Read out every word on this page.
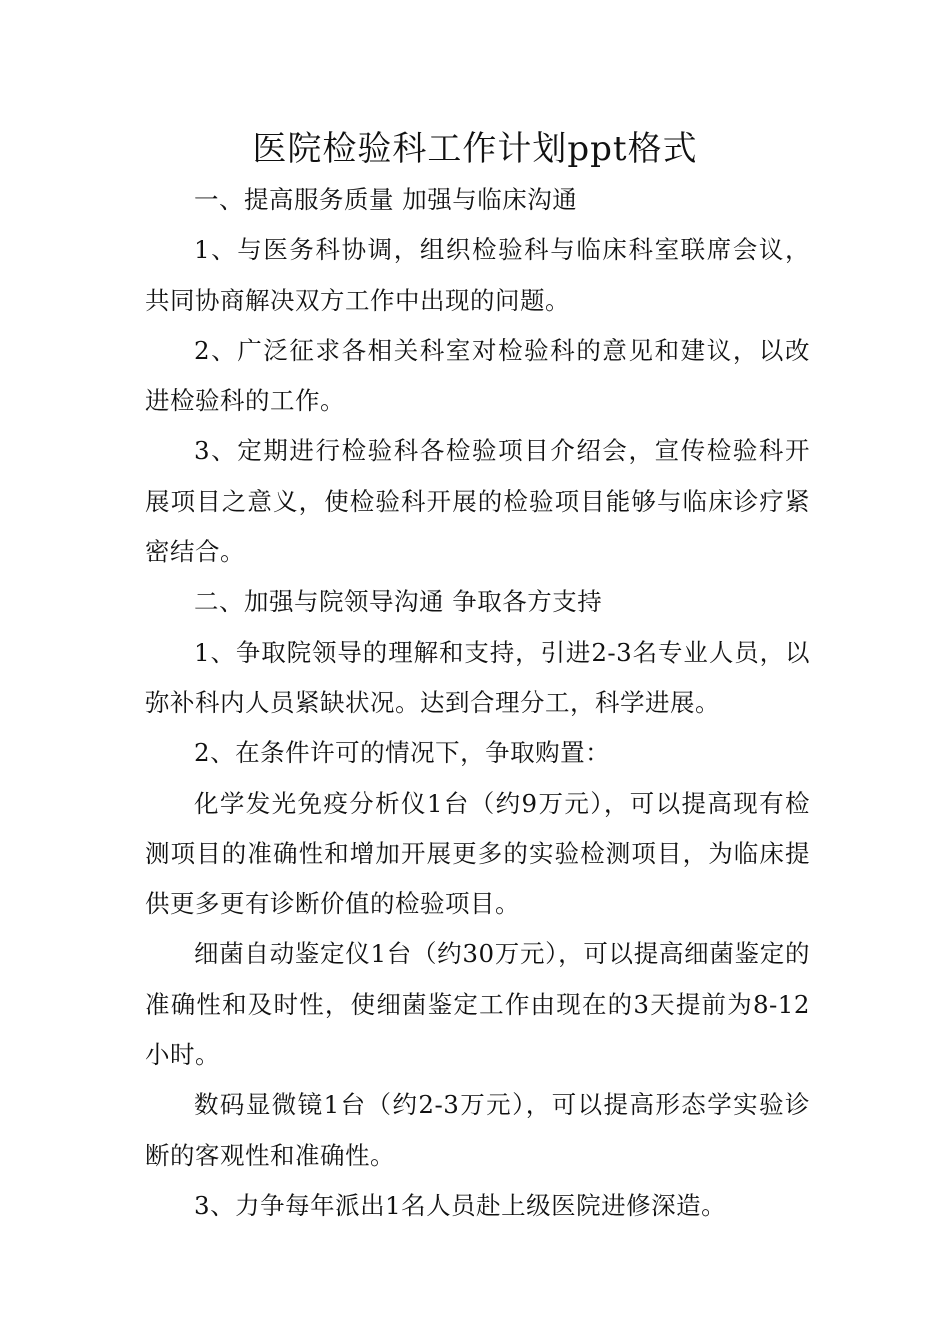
医院检验科工作计划ppt格式

一、提高服务质量 加强与临床沟通

1、与医务科协调，组织检验科与临床科室联席会议，共同协商解决双方工作中出现的问题。

2、广泛征求各相关科室对检验科的意见和建议，以改进检验科的工作。

3、定期进行检验科各检验项目介绍会，宣传检验科开展项目之意义，使检验科开展的检验项目能够与临床诊疗紧密结合。

二、加强与院领导沟通 争取各方支持

1、争取院领导的理解和支持，引进2-3名专业人员，以弥补科内人员紧缺状况。达到合理分工，科学进展。

2、在条件许可的情况下，争取购置：

化学发光免疫分析仪1台（约9万元），可以提高现有检测项目的准确性和增加开展更多的实验检测项目，为临床提供更多更有诊断价值的检验项目。

细菌自动鉴定仪1台（约30万元），可以提高细菌鉴定的准确性和及时性，使细菌鉴定工作由现在的3天提前为8-12小时。

数码显微镜1台（约2-3万元），可以提高形态学实验诊断的客观性和准确性。

3、力争每年派出1名人员赴上级医院进修深造。
